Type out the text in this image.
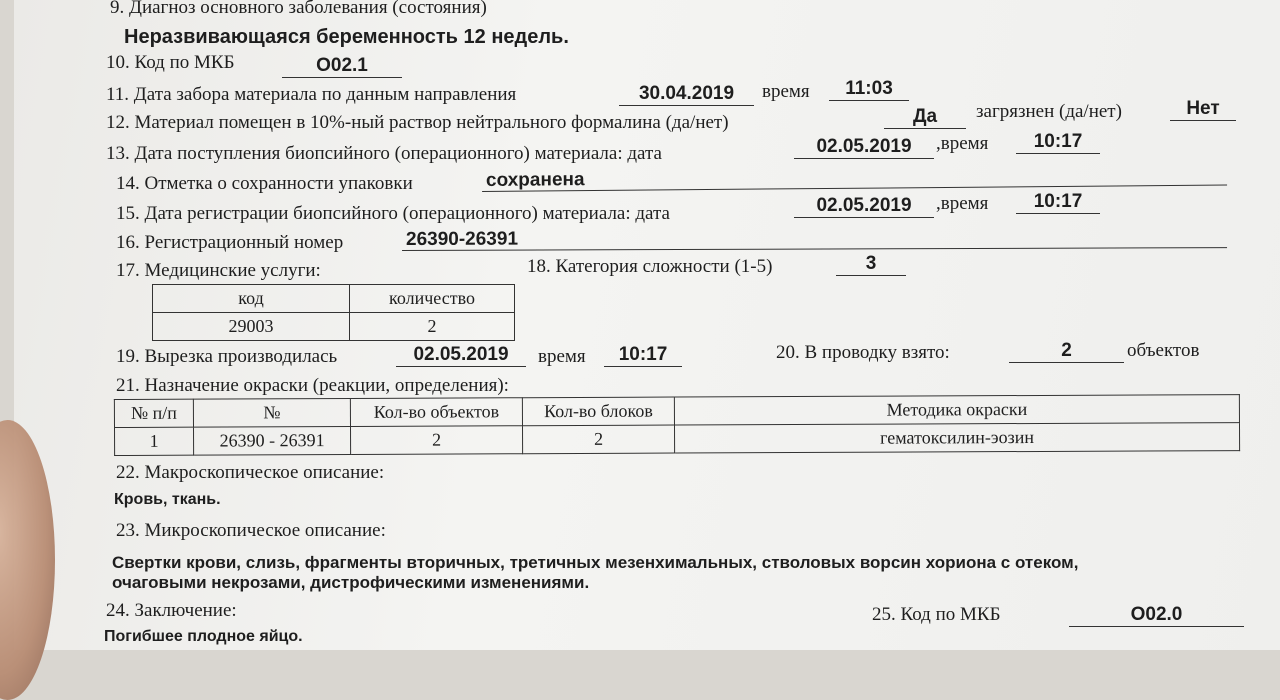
9. Диагноз основного заболевания (состояния)
Неразвивающаяся беременность 12 недель.
10. Код по МКБ	O02.1
11. Дата забора материала по данным направления	30.04.2019	время	11:03
12. Материал помещен в 10%-ный раствор нейтрального формалина (да/нет)	Да	загрязнен (да/нет)	Нет
13. Дата поступления биопсийного (операционного) материала: дата	02.05.2019	,время	10:17
14. Отметка о сохранности упаковки	сохранена
15. Дата регистрации биопсийного (операционного) материала: дата	02.05.2019	,время	10:17
16. Регистрационный номер	26390-26391
17. Медицинские услуги:
код	количество
29003	2
18. Категория сложности (1-5)	3
19. Вырезка производилась	02.05.2019	время	10:17	20. В проводку взято:	2	объектов
21. Назначение окраски (реакции, определения):
№ п/п	№	Кол-во объектов	Кол-во блоков	Методика окраски
1	26390 - 26391	2	2	гематоксилин-эозин
22. Макроскопическое описание:
Кровь, ткань.
23. Микроскопическое описание:
Свертки крови, слизь, фрагменты вторичных, третичных мезенхимальных, стволовых ворсин хориона с отеком,
очаговыми некрозами, дистрофическими изменениями.
24. Заключение:
Погибшее плодное яйцо.
25. Код по МКБ	O02.0
